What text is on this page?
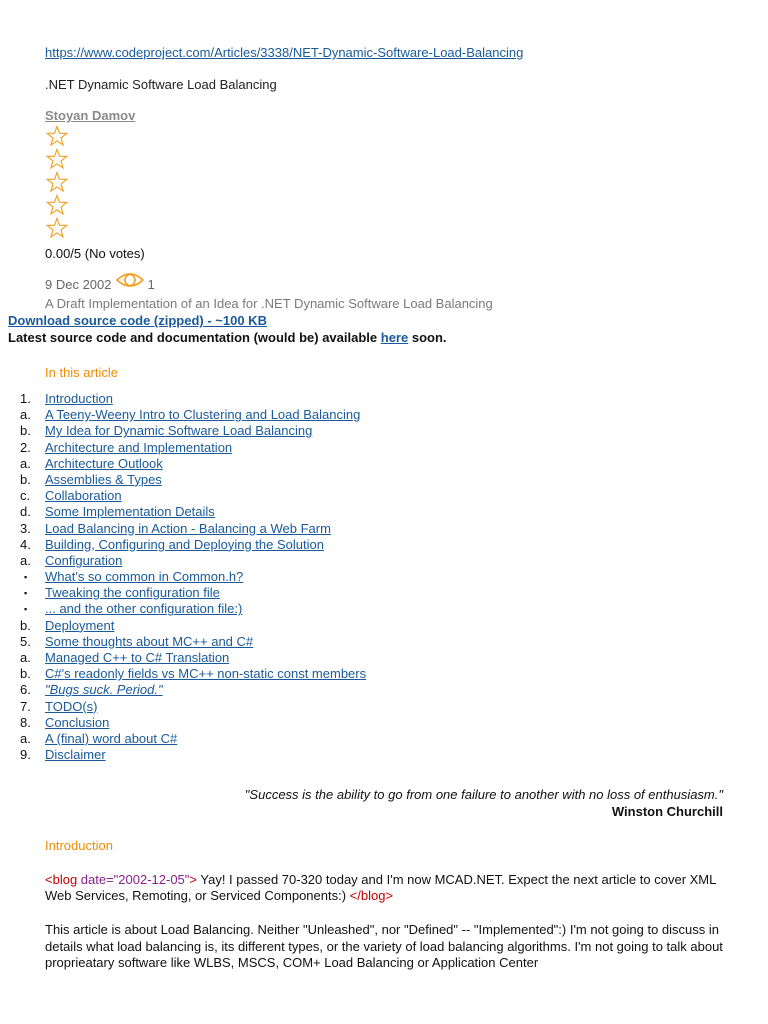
https://www.codeproject.com/Articles/3338/NET-Dynamic-Software-Load-Balancing
.NET Dynamic Software Load Balancing
Stoyan Damov
0.00/5 (No votes)
9 Dec 2002	1
A Draft Implementation of an Idea for .NET Dynamic Software Load Balancing
Download source code (zipped) - ~100 KB
Latest source code and documentation (would be) available here soon.
In this article
1.	Introduction
a.	A Teeny-Weeny Intro to Clustering and Load Balancing
b.	My Idea for Dynamic Software Load Balancing
2.	Architecture and Implementation
a.	Architecture Outlook
b.	Assemblies & Types
c.	Collaboration
d.	Some Implementation Details
3.	Load Balancing in Action - Balancing a Web Farm
4.	Building, Configuring and Deploying the Solution
a.	Configuration
▪	What's so common in Common.h?
▪	Tweaking the configuration file
▪	... and the other configuration file:)
b.	Deployment
5.	Some thoughts about MC++ and C#
a.	Managed C++ to C# Translation
b.	C#'s readonly fields vs MC++ non-static const members
6.	"Bugs suck. Period."
7.	TODO(s)
8.	Conclusion
a.	A (final) word about C#
9.	Disclaimer
"Success is the ability to go from one failure to another with no loss of enthusiasm."
Winston Churchill
Introduction
<blog date="2002-12-05"> Yay! I passed 70-320 today and I'm now MCAD.NET. Expect the next article to cover XML Web Services, Remoting, or Serviced Components:) </blog>
This article is about Load Balancing. Neither "Unleashed", nor "Defined" -- "Implemented":) I'm not going to discuss in details what load balancing is, its different types, or the variety of load balancing algorithms. I'm not going to talk about proprieatary software like WLBS, MSCS, COM+ Load Balancing or Application Center
